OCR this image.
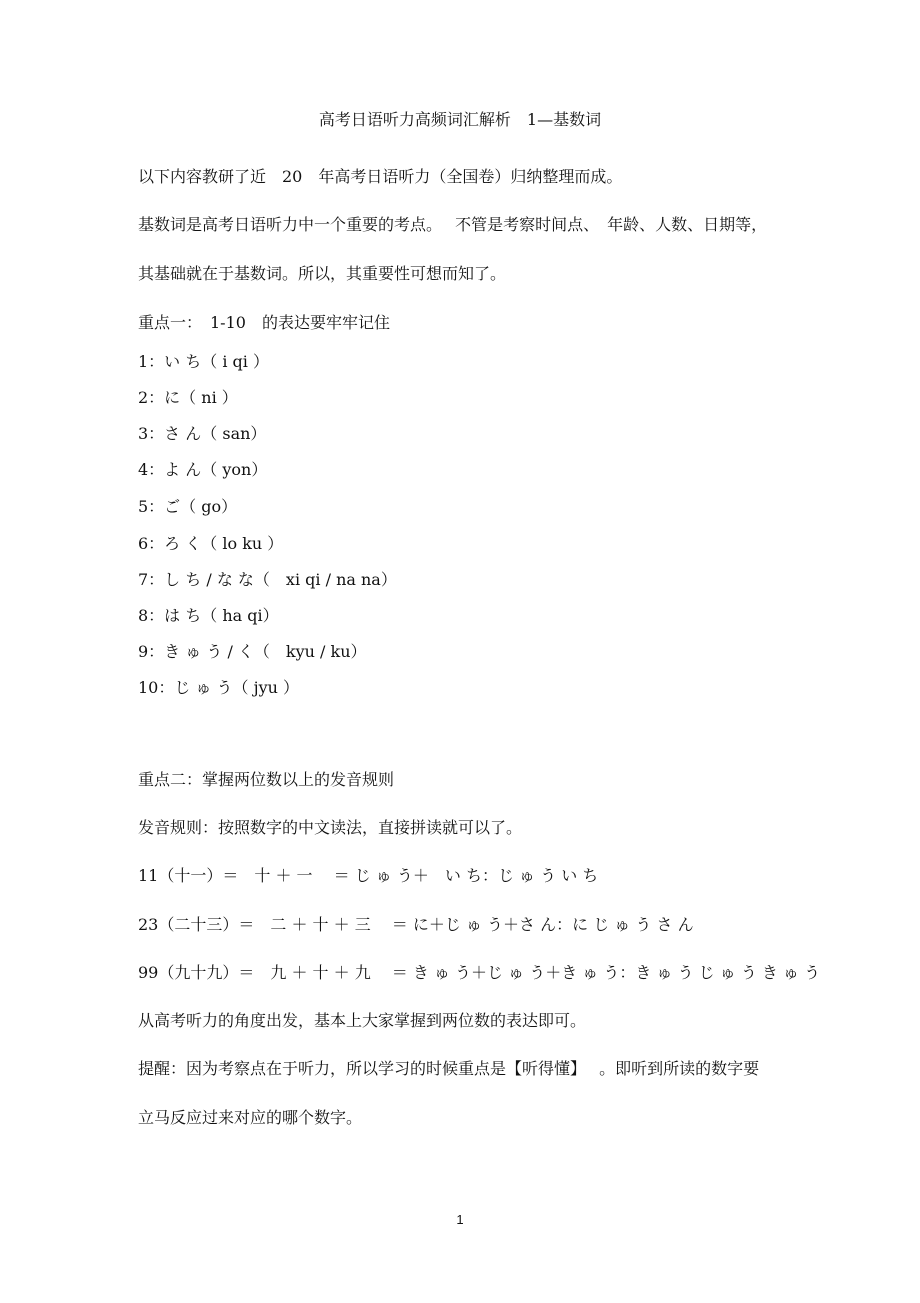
高考日语听力高频词汇解析　1—基数词

以下内容教研了近　20　年高考日语听力（全国卷）归纳整理而成。

基数词是高考日语听力中一个重要的考点。　 不管是考察时间点、　年龄、人数、日期等，

其基础就在于基数词。所以，其重要性可想而知了。

重点一：　1-10　的表达要牢牢记住

1：い ち（ i qi ）

2：に（ ni ）

3：さ ん（ san）

4：よ ん（ yon）

5：ご（ go）

6：ろ く（ lo ku ）

7：し ち / な な（　xi qi / na na）

8：は ち（ ha qi）

9：き ゅ う / く（　kyu / ku）

10：じ ゅ う（ jyu ）

重点二：掌握两位数以上的发音规则

发音规则：按照数字的中文读法，直接拼读就可以了。

11（十一）＝　十 ＋ 一　 ＝ じ ゅ う＋　い ち：じ ゅ う い ち

23（二十三）＝　二 ＋ 十 ＋ 三　 ＝ に＋じ ゅ う＋さ ん：に じ ゅ う さ ん

99（九十九）＝　九 ＋ 十 ＋ 九　 ＝ き ゅ う＋じ ゅ う＋き ゅ う：き ゅ う じ ゅ う き ゅ う

从高考听力的角度出发，基本上大家掌握到两位数的表达即可。

提醒：因为考察点在于听力，所以学习的时候重点是【听得懂】　 。即听到所读的数字要

立马反应过来对应的哪个数字。

1
